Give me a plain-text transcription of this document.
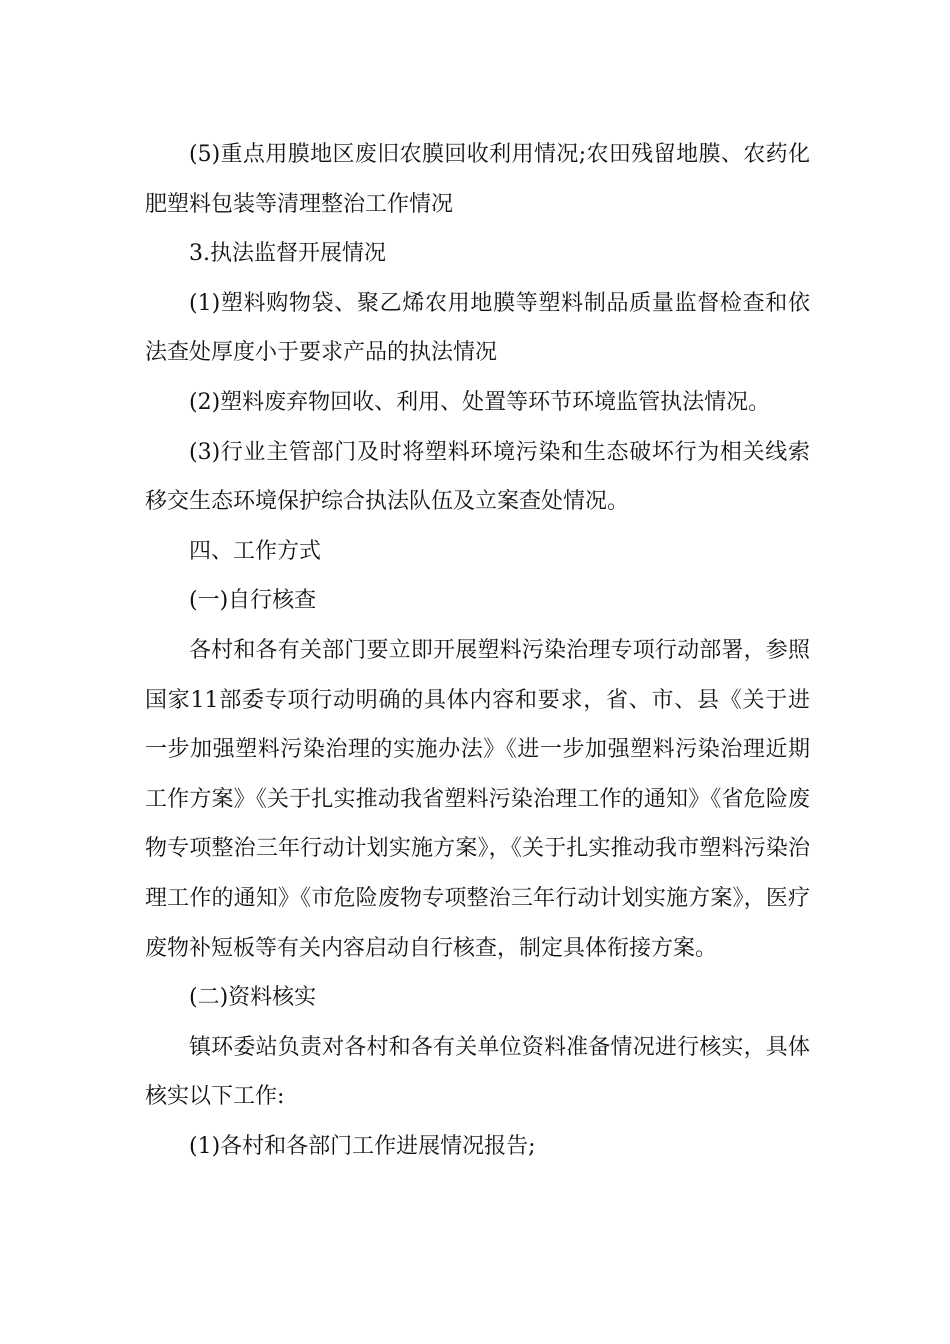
(5)重点用膜地区废旧农膜回收利用情况;农田残留地膜、农药化肥塑料包装等清理整治工作情况

3.执法监督开展情况

(1)塑料购物袋、聚乙烯农用地膜等塑料制品质量监督检查和依法查处厚度小于要求产品的执法情况

(2)塑料废弃物回收、利用、处置等环节环境监管执法情况。

(3)行业主管部门及时将塑料环境污染和生态破坏行为相关线索移交生态环境保护综合执法队伍及立案查处情况。

四、工作方式

(一)自行核查

各村和各有关部门要立即开展塑料污染治理专项行动部署，参照国家11部委专项行动明确的具体内容和要求，省、市、县《关于进一步加强塑料污染治理的实施办法》《进一步加强塑料污染治理近期工作方案》《关于扎实推动我省塑料污染治理工作的通知》《省危险废物专项整治三年行动计划实施方案》，《关于扎实推动我市塑料污染治理工作的通知》《市危险废物专项整治三年行动计划实施方案》，医疗废物补短板等有关内容启动自行核查，制定具体衔接方案。

(二)资料核实

镇环委站负责对各村和各有关单位资料准备情况进行核实，具体核实以下工作:

(1)各村和各部门工作进展情况报告;
